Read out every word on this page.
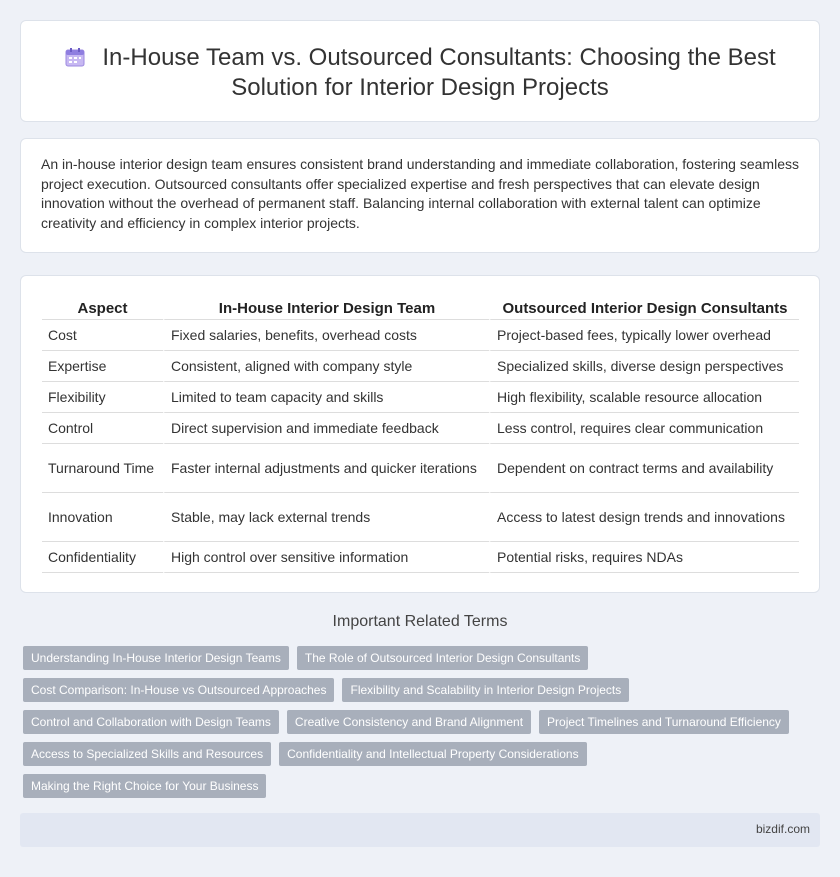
In-House Team vs. Outsourced Consultants: Choosing the Best Solution for Interior Design Projects

An in-house interior design team ensures consistent brand understanding and immediate collaboration, fostering seamless project execution. Outsourced consultants offer specialized expertise and fresh perspectives that can elevate design innovation without the overhead of permanent staff. Balancing internal collaboration with external talent can optimize creativity and efficiency in complex interior projects.

Aspect	In-House Interior Design Team	Outsourced Interior Design Consultants
Cost	Fixed salaries, benefits, overhead costs	Project-based fees, typically lower overhead
Expertise	Consistent, aligned with company style	Specialized skills, diverse design perspectives
Flexibility	Limited to team capacity and skills	High flexibility, scalable resource allocation
Control	Direct supervision and immediate feedback	Less control, requires clear communication
Turnaround Time	Faster internal adjustments and quicker iterations	Dependent on contract terms and availability
Innovation	Stable, may lack external trends	Access to latest design trends and innovations
Confidentiality	High control over sensitive information	Potential risks, requires NDAs
Important Related Terms
Understanding In-House Interior Design Teams	The Role of Outsourced Interior Design Consultants
Cost Comparison: In-House vs Outsourced Approaches	Flexibility and Scalability in Interior Design Projects
Control and Collaboration with Design Teams	Creative Consistency and Brand Alignment	Project Timelines and Turnaround Efficiency
Access to Specialized Skills and Resources	Confidentiality and Intellectual Property Considerations
Making the Right Choice for Your Business
bizdif.com
